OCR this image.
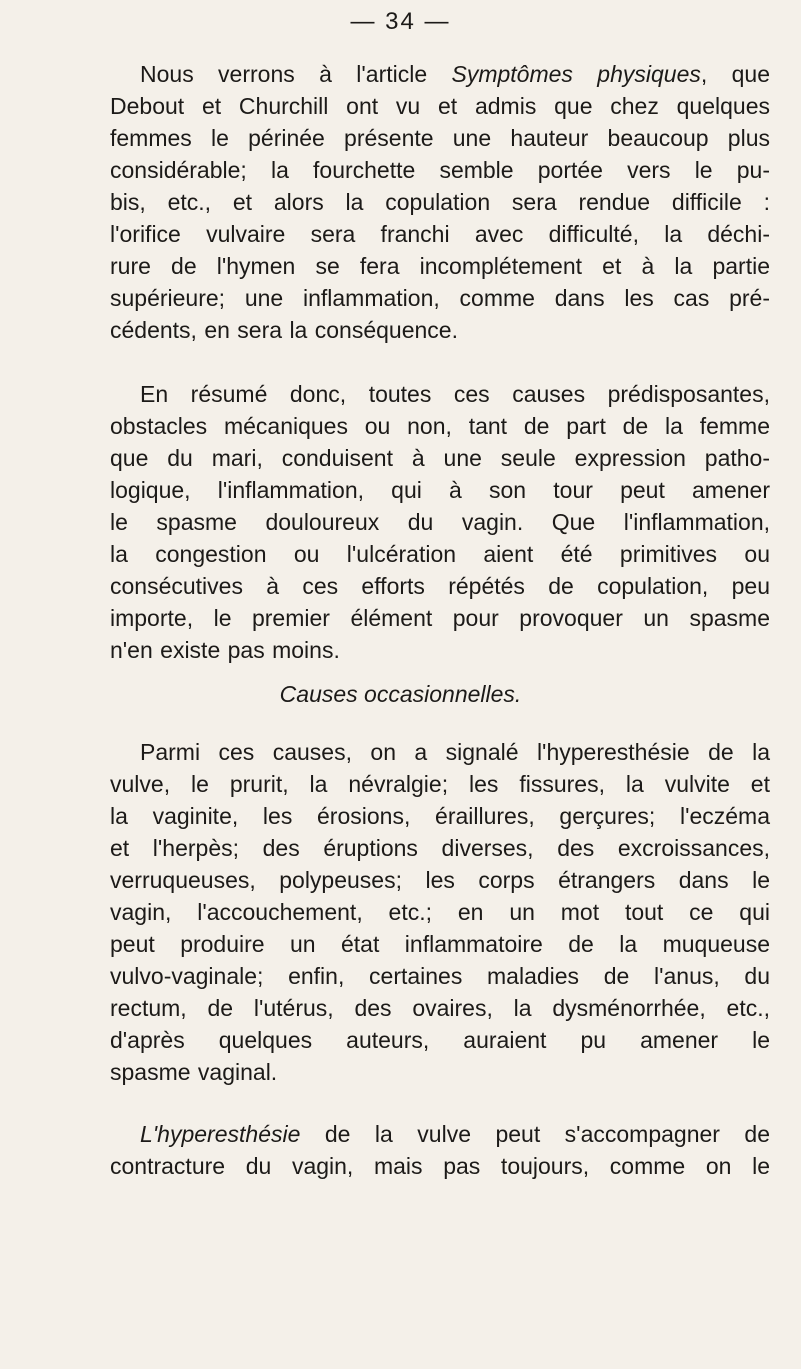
— 34 —

Nous verrons à l'article Symptômes physiques, que
Debout et Churchill ont vu et admis que chez quelques
femmes le périnée présente une hauteur beaucoup plus
considérable; la fourchette semble portée vers le pu-
bis, etc., et alors la copulation sera rendue difficile :
l'orifice vulvaire sera franchi avec difficulté, la déchi-
rure de l'hymen se fera incomplétement et à la partie
supérieure; une inflammation, comme dans les cas pré-
cédents, en sera la conséquence.

En résumé donc, toutes ces causes prédisposantes,
obstacles mécaniques ou non, tant de part de la femme
que du mari, conduisent à une seule expression patho-
logique, l'inflammation, qui à son tour peut amener
le spasme douloureux du vagin. Que l'inflammation,
la congestion ou l'ulcération aient été primitives ou
consécutives à ces efforts répétés de copulation, peu
importe, le premier élément pour provoquer un spasme
n'en existe pas moins.

Causes occasionnelles.

Parmi ces causes, on a signalé l'hyperesthésie de la
vulve, le prurit, la névralgie; les fissures, la vulvite et
la vaginite, les érosions, éraillures, gerçures; l'eczéma
et l'herpès; des éruptions diverses, des excroissances,
verruqueuses, polypeuses; les corps étrangers dans le
vagin, l'accouchement, etc.; en un mot tout ce qui
peut produire un état inflammatoire de la muqueuse
vulvo-vaginale; enfin, certaines maladies de l'anus, du
rectum, de l'utérus, des ovaires, la dysménorrhée, etc.,
d'après quelques auteurs, auraient pu amener le
spasme vaginal.

L'hyperesthésie de la vulve peut s'accompagner de
contracture du vagin, mais pas toujours, comme on le
